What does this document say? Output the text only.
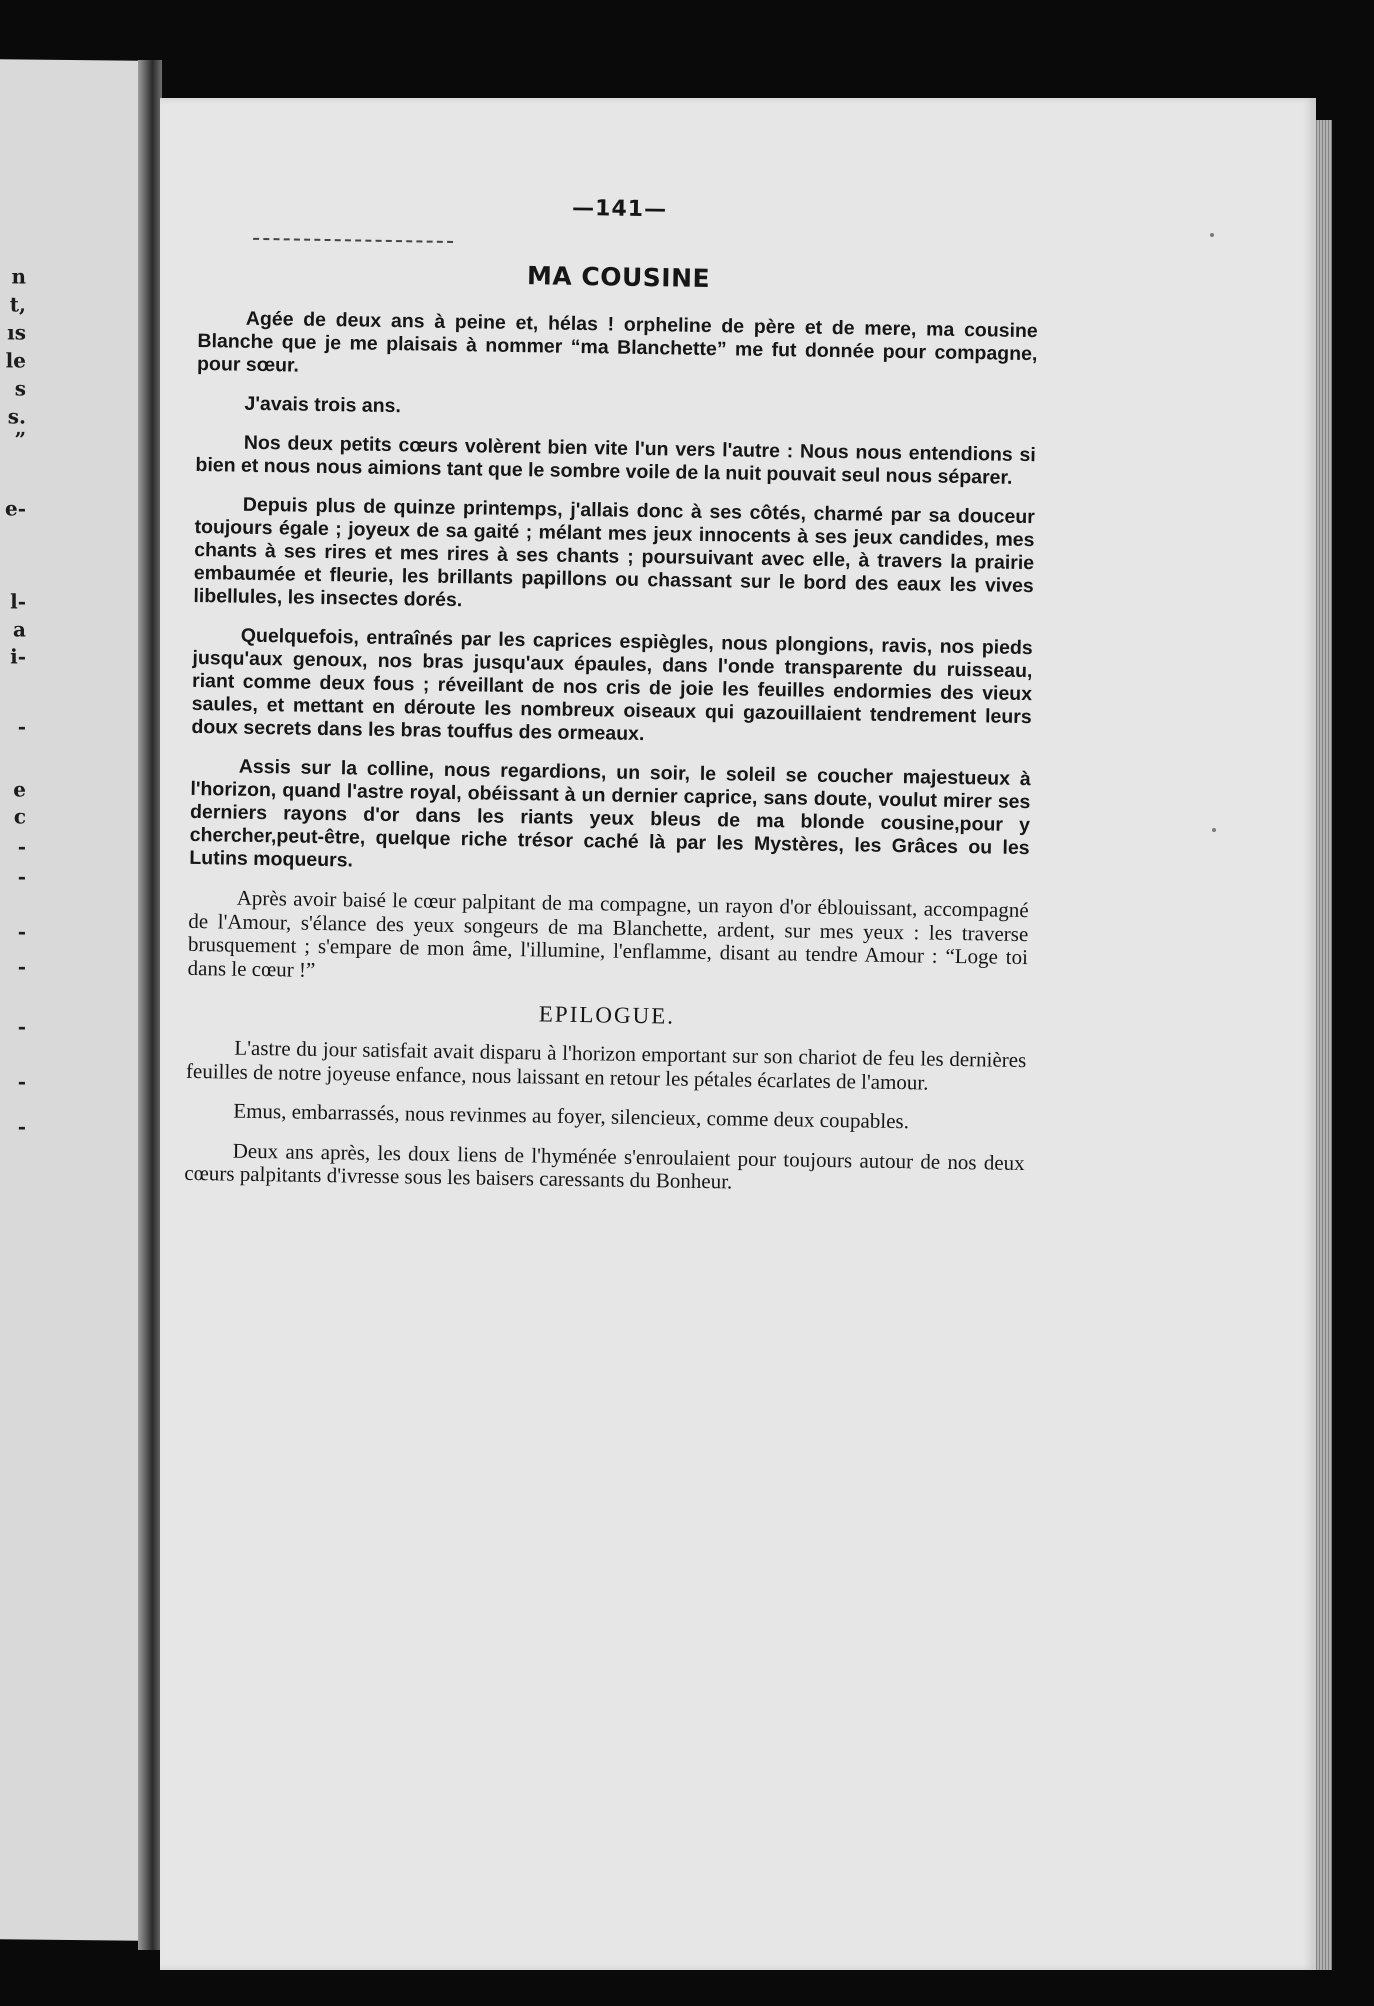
n
t,
ıs
le
s
s.
”
e-
l-
a
i-
-
e
c
-
-
-
-
-
-
-
—141—
MA COUSINE

Agée de deux ans à peine et, hélas ! orpheline de père et de mere, ma cousine Blanche que je me plaisais à nommer “ma Blanchette” me fut donnée pour compagne, pour sœur.

J'avais trois ans.

Nos deux petits cœurs volèrent bien vite l'un vers l'autre : Nous nous entendions si bien et nous nous aimions tant que le sombre voile de la nuit pouvait seul nous séparer.

Depuis plus de quinze printemps, j'allais donc à ses côtés, charmé par sa douceur toujours égale ; joyeux de sa gaité ; mélant mes jeux innocents à ses jeux candides, mes chants à ses rires et mes rires à ses chants ; poursuivant avec elle, à travers la prairie embaumée et fleurie, les brillants papillons ou chassant sur le bord des eaux les vives libellules, les insectes dorés.

Quelquefois, entraînés par les caprices espiègles, nous plongions, ravis, nos pieds jusqu'aux genoux, nos bras jusqu'aux épaules, dans l'onde transparente du ruisseau, riant comme deux fous ; réveillant de nos cris de joie les feuilles endormies des vieux saules, et mettant en déroute les nombreux oiseaux qui gazouillaient tendrement leurs doux secrets dans les bras touffus des ormeaux.

Assis sur la colline, nous regardions, un soir, le soleil se coucher majestueux à l'horizon, quand l'astre royal, obéissant à un dernier caprice, sans doute, voulut mirer ses derniers rayons d'or dans les riants yeux bleus de ma blonde cousine,pour y chercher,peut-être, quelque riche trésor caché là par les Mystères, les Grâces ou les Lutins moqueurs.

Après avoir baisé le cœur palpitant de ma compagne, un rayon d'or éblouissant, accompagné de l'Amour, s'élance des yeux songeurs de ma Blanchette, ardent, sur mes yeux : les traverse brusquement ; s'empare de mon âme, l'illumine, l'enflamme, disant au tendre Amour : “Loge toi dans le cœur !”

EPILOGUE.

L'astre du jour satisfait avait disparu à l'horizon emportant sur son chariot de feu les dernières feuilles de notre joyeuse enfance, nous laissant en retour les pétales écarlates de l'amour.

Emus, embarrassés, nous revinmes au foyer, silencieux, comme deux coupables.

Deux ans après, les doux liens de l'hyménée s'enroulaient pour toujours autour de nos deux cœurs palpitants d'ivresse sous les baisers caressants du Bonheur.
